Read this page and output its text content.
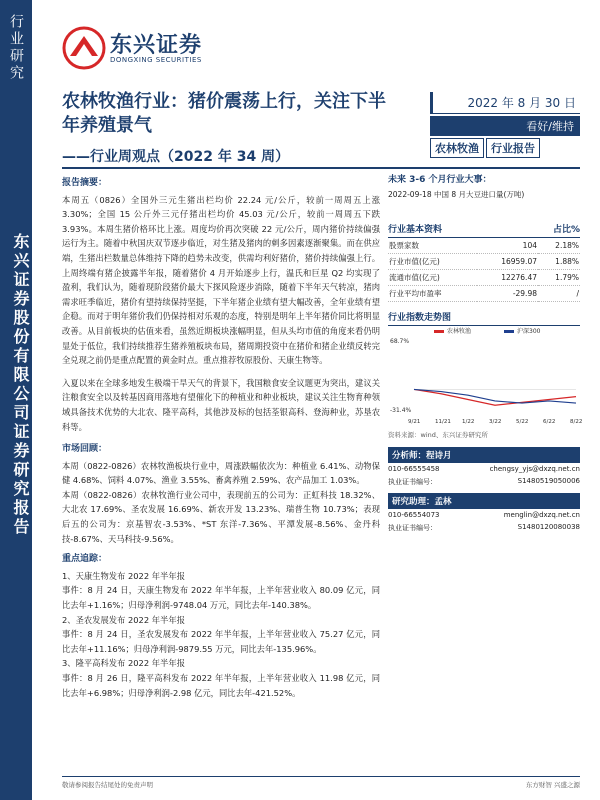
行业研究
东兴证券股份有限公司证券研究报告
东兴证券
DONGXING SECURITIES
农林牧渔行业：猪价震荡上行，关注下半年养殖景气
——行业周观点（2022 年 34 周）
2022 年 8 月 30 日
看好/维持
农林牧渔	行业报告
报告摘要：

本周五（0826）全国外三元生猪出栏均价 22.24 元/公斤，较前一周周五上涨 3.30%；全国 15 公斤外三元仔猪出栏均价 45.03 元/公斤，较前一周周五下跌 3.93%。本周生猪价格环比上涨。周度均价再次突破 22 元/公斤，周内猪价持续偏强运行为主。随着中秋国庆双节逐步临近，对生猪及猪肉的刺多因素逐渐聚集。而在供应端，生猪出栏数量总体维持下降的趋势未改变，供需均利好猪价，猪价持续偏强上行。上周终端有猪企披露半年报，随着猪价 4 月开始逐步上行，温氏和巨星 Q2 均实现了盈利，我们认为，随着现阶段猪价最大下探风险逐步消除，随着下半年天气转凉，猪肉需求旺季临近，猪价有望持续保持坚挺，下半年猪企业绩有望大幅改善，全年业绩有望企稳。而对于明年猪价我们仍保持相对乐观的态度，特别是明年上半年猪价同比将明显改善。从目前板块的估值来看，虽然近期板块涨幅明显，但从头均市值的角度来看仍明显处于低位，我们持续推荐生猪养殖板块布局，猪周期投资中在猪价和猪企业绩反转完全兑现之前仍是重点配置的黄金时点。重点推荐牧原股份、天康生物等。

入夏以来在全球多地发生极端干旱天气的背景下，我国粮食安全议题更为突出，建议关注粮食安全以及转基因商用落地有望催化下的种植业和种业板块，建议关注生物育种领域具备技术优势的大北农、隆平高科，其他涉及标的包括荃银高科、登海种业，苏垦农科等。

市场回顾：

本周（0822-0826）农林牧渔板块行业中，周涨跌幅依次为：种植业 6.41%、动物保健 4.68%、饲料 4.07%、渔业 3.55%、畜禽养殖 2.59%、农产品加工 1.03%。

本周（0822-0826）农林牧渔行业公司中，表现前五的公司为：正虹科技 18.32%、大北农 17.69%、圣农发展 16.69%、新农开发 13.23%、瑞普生物 10.73%；表现后五的公司为：京基智农-3.53%、*ST 东洋-7.36%、平潭发展-8.56%、金丹科技-8.67%、天马科技-9.56%。

重点追踪：
1、天康生物发布 2022 年半年报

事件：8 月 24 日，天康生物发布 2022 年半年报，上半年营业收入 80.09 亿元，同比去年+1.16%；归母净利润-9748.04 万元，同比去年-140.38%。

2、圣农发展发布 2022 年半年报

事件：8 月 24 日，圣农发展发布 2022 年半年报，上半年营业收入 75.27 亿元，同比去年+11.16%；归母净利润-9879.55 万元，同比去年-135.96%。

3、隆平高科发布 2022 年半年报

事件：8 月 26 日，隆平高科发布 2022 年半年报，上半年营业收入 11.98 亿元，同比去年+6.98%；归母净利润-2.98 亿元，同比去年-421.52%。

未来 3-6 个月行业大事：
2022-09-18 中国 8 月大豆进口量(万吨)
行业基本资料	占比%
股票家数	104	2.18%
行业市值(亿元)	16959.07	1.88%
流通市值(亿元)	12276.47	1.79%
行业平均市盈率	-29.98	/
行业指数走势图
68.7%
-31.4%
农林牧渔	沪深300
9/21	11/21 1/22	3/22	5/22	6/22	8/22
资料来源：wind、东兴证券研究所
分析师：程诗月
010-66555458	chengsy_yjs@dxzq.net.cn
执业证书编号：	S1480519050006
研究助理：孟林
010-66554073	menglin@dxzq.net.cn
执业证书编号：	S1480120080038
敬请参阅报告结尾处的免责声明	东方财智 兴盛之源
